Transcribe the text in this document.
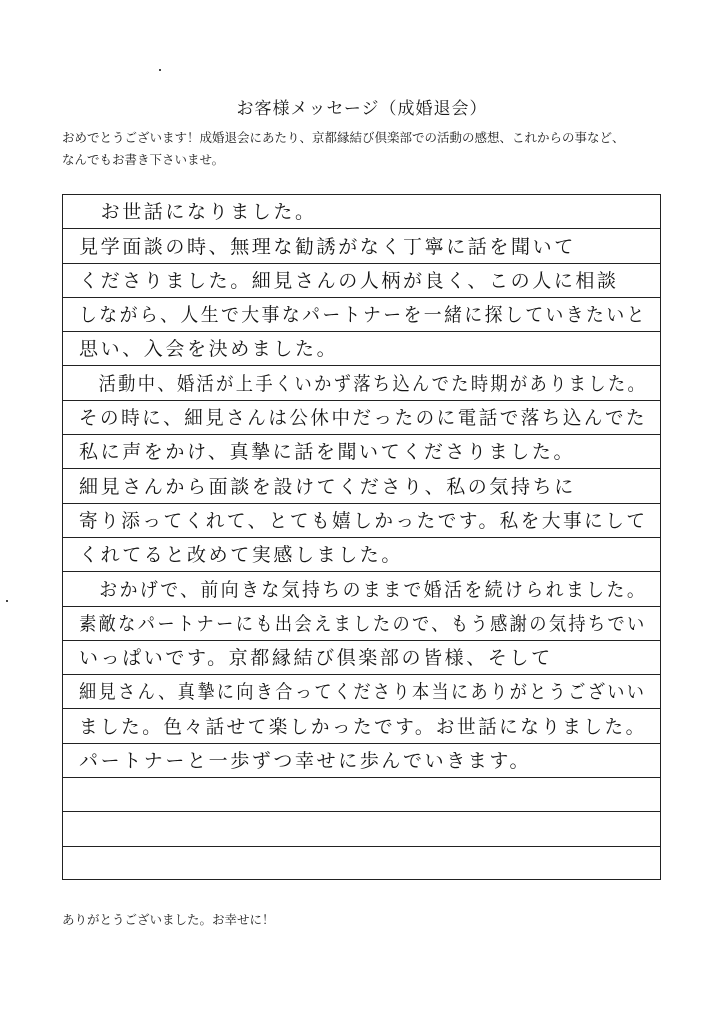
お客様メッセージ（成婚退会）
おめでとうございます！成婚退会にあたり、京都縁結び倶楽部での活動の感想、これからの事など、
なんでもお書き下さいませ。
　お世話になりました。
見学面談の時、無理な勧誘がなく丁寧に話を聞いて
くださりました。細見さんの人柄が良く、この人に相談
しながら、人生で大事なパートナーを一緒に探していきたいと
思い、入会を決めました。
　活動中、婚活が上手くいかず落ち込んでた時期がありました。
その時に、細見さんは公休中だったのに電話で落ち込んでた
私に声をかけ、真摯に話を聞いてくださりました。
細見さんから面談を設けてくださり、私の気持ちに
寄り添ってくれて、とても嬉しかったです。私を大事にして
くれてると改めて実感しました。
　おかげで、前向きな気持ちのままで婚活を続けられました。
素敵なパートナーにも出会えましたので、もう感謝の気持ちでい
いっぱいです。京都縁結び倶楽部の皆様、そして
細見さん、真摯に向き合ってくださり本当にありがとうございい
ました。色々話せて楽しかったです。お世話になりました。
パートナーと一歩ずつ幸せに歩んでいきます。
ありがとうございました。お幸せに！
